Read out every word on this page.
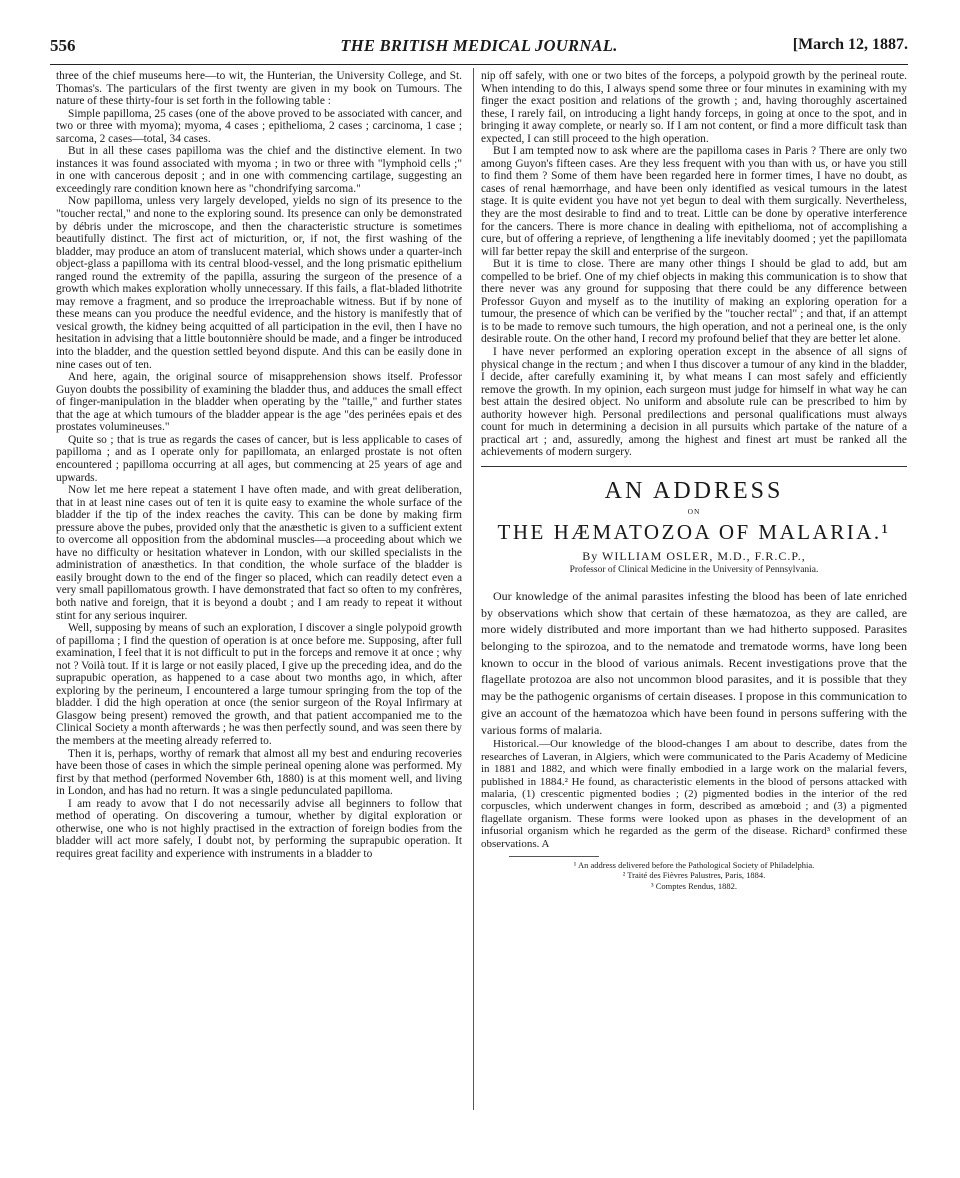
556	THE BRITISH MEDICAL JOURNAL.	[March 12, 1887.

three of the chief museums here—to wit, the Hunterian, the University College, and St. Thomas's. The particulars of the first twenty are given in my book on Tumours. The nature of these thirty-four is set forth in the following table :

Simple papilloma, 25 cases (one of the above proved to be associated with cancer, and two or three with myoma); myoma, 4 cases ; epithelioma, 2 cases ; carcinoma, 1 case ; sarcoma, 2 cases—total, 34 cases.

But in all these cases papilloma was the chief and the distinctive element. In two instances it was found associated with myoma ; in two or three with "lymphoid cells ;" in one with cancerous deposit ; and in one with commencing cartilage, suggesting an exceedingly rare condition known here as "chondrifying sarcoma."

Now papilloma, unless very largely developed, yields no sign of its presence to the "toucher rectal," and none to the exploring sound. Its presence can only be demonstrated by débris under the microscope, and then the characteristic structure is sometimes beautifully distinct. The first act of micturition, or, if not, the first washing of the bladder, may produce an atom of translucent material, which shows under a quarter-inch object-glass a papilloma with its central blood-vessel, and the long prismatic epithelium ranged round the extremity of the papilla, assuring the surgeon of the presence of a growth which makes exploration wholly unnecessary. If this fails, a flat-bladed lithotrite may remove a fragment, and so produce the irreproachable witness. But if by none of these means can you produce the needful evidence, and the history is manifestly that of vesical growth, the kidney being acquitted of all participation in the evil, then I have no hesitation in advising that a little boutonnière should be made, and a finger be introduced into the bladder, and the question settled beyond dispute. And this can be easily done in nine cases out of ten.

And here, again, the original source of misapprehension shows itself. Professor Guyon doubts the possibility of examining the bladder thus, and adduces the small effect of finger-manipulation in the bladder when operating by the "taille," and further states that the age at which tumours of the bladder appear is the age "des perinées epais et des prostates volumineuses."

Quite so ; that is true as regards the cases of cancer, but is less applicable to cases of papilloma ; and as I operate only for papillomata, an enlarged prostate is not often encountered ; papilloma occurring at all ages, but commencing at 25 years of age and upwards.

Now let me here repeat a statement I have often made, and with great deliberation, that in at least nine cases out of ten it is quite easy to examine the whole surface of the bladder if the tip of the index reaches the cavity. This can be done by making firm pressure above the pubes, provided only that the anæsthetic is given to a sufficient extent to overcome all opposition from the abdominal muscles—a proceeding about which we have no difficulty or hesitation whatever in London, with our skilled specialists in the administration of anæsthetics. In that condition, the whole surface of the bladder is easily brought down to the end of the finger so placed, which can readily detect even a very small papillomatous growth. I have demonstrated that fact so often to my confrères, both native and foreign, that it is beyond a doubt ; and I am ready to repeat it without stint for any serious inquirer.

Well, supposing by means of such an exploration, I discover a single polypoid growth of papilloma ; I find the question of operation is at once before me. Supposing, after full examination, I feel that it is not difficult to put in the forceps and remove it at once ; why not ? Voilà tout. If it is large or not easily placed, I give up the preceding idea, and do the suprapubic operation, as happened to a case about two months ago, in which, after exploring by the perineum, I encountered a large tumour springing from the top of the bladder. I did the high operation at once (the senior surgeon of the Royal Infirmary at Glasgow being present) removed the growth, and that patient accompanied me to the Clinical Society a month afterwards ; he was then perfectly sound, and was seen there by the members at the meeting already referred to.

Then it is, perhaps, worthy of remark that almost all my best and enduring recoveries have been those of cases in which the simple perineal opening alone was performed. My first by that method (performed November 6th, 1880) is at this moment well, and living in London, and has had no return. It was a single pedunculated papilloma.

I am ready to avow that I do not necessarily advise all beginners to follow that method of operating. On discovering a tumour, whether by digital exploration or otherwise, one who is not highly practised in the extraction of foreign bodies from the bladder will act more safely, I doubt not, by performing the suprapubic operation. It requires great facility and experience with instruments in a bladder to

nip off safely, with one or two bites of the forceps, a polypoid growth by the perineal route. When intending to do this, I always spend some three or four minutes in examining with my finger the exact position and relations of the growth ; and, having thoroughly ascertained these, I rarely fail, on introducing a light handy forceps, in going at once to the spot, and in bringing it away complete, or nearly so. If I am not content, or find a more difficult task than expected, I can still proceed to the high operation.

But I am tempted now to ask where are the papilloma cases in Paris ? There are only two among Guyon's fifteen cases. Are they less frequent with you than with us, or have you still to find them ? Some of them have been regarded here in former times, I have no doubt, as cases of renal hæmorrhage, and have been only identified as vesical tumours in the latest stage. It is quite evident you have not yet begun to deal with them surgically. Nevertheless, they are the most desirable to find and to treat. Little can be done by operative interference for the cancers. There is more chance in dealing with epithelioma, not of accomplishing a cure, but of offering a reprieve, of lengthening a life inevitably doomed ; yet the papillomata will far better repay the skill and enterprise of the surgeon.

But it is time to close. There are many other things I should be glad to add, but am compelled to be brief. One of my chief objects in making this communication is to show that there never was any ground for supposing that there could be any difference between Professor Guyon and myself as to the inutility of making an exploring operation for a tumour, the presence of which can be verified by the "toucher rectal" ; and that, if an attempt is to be made to remove such tumours, the high operation, and not a perineal one, is the only desirable route. On the other hand, I record my profound belief that they are better let alone.

I have never performed an exploring operation except in the absence of all signs of physical change in the rectum ; and when I thus discover a tumour of any kind in the bladder, I decide, after carefully examining it, by what means I can most safely and efficiently remove the growth. In my opinion, each surgeon must judge for himself in what way he can best attain the desired object. No uniform and absolute rule can be prescribed to him by authority however high. Personal predilections and personal qualifications must always count for much in determining a decision in all pursuits which partake of the nature of a practical art ; and, assuredly, among the highest and finest art must be ranked all the achievements of modern surgery.

AN ADDRESS
ON
THE HÆMATOZOA OF MALARIA.¹
By WILLIAM OSLER, M.D., F.R.C.P.,
Professor of Clinical Medicine in the University of Pennsylvania.

Our knowledge of the animal parasites infesting the blood has been of late enriched by observations which show that certain of these hæmatozoa, as they are called, are more widely distributed and more important than we had hitherto supposed. Parasites belonging to the spirozoa, and to the nematode and trematode worms, have long been known to occur in the blood of various animals. Recent investigations prove that the flagellate protozoa are also not uncommon blood parasites, and it is possible that they may be the pathogenic organisms of certain diseases. I propose in this communication to give an account of the hæmatozoa which have been found in persons suffering with the various forms of malaria.

Historical.—Our knowledge of the blood-changes I am about to describe, dates from the researches of Laveran, in Algiers, which were communicated to the Paris Academy of Medicine in 1881 and 1882, and which were finally embodied in a large work on the malarial fevers, published in 1884.² He found, as characteristic elements in the blood of persons attacked with malaria, (1) crescentic pigmented bodies ; (2) pigmented bodies in the interior of the red corpuscles, which underwent changes in form, described as amœboid ; and (3) a pigmented flagellate organism. These forms were looked upon as phases in the development of an infusorial organism which he regarded as the germ of the disease. Richard³ confirmed these observations. A

¹ An address delivered before the Pathological Society of Philadelphia.
² Traité des Fièvres Palustres, Paris, 1884.
³ Comptes Rendus, 1882.
